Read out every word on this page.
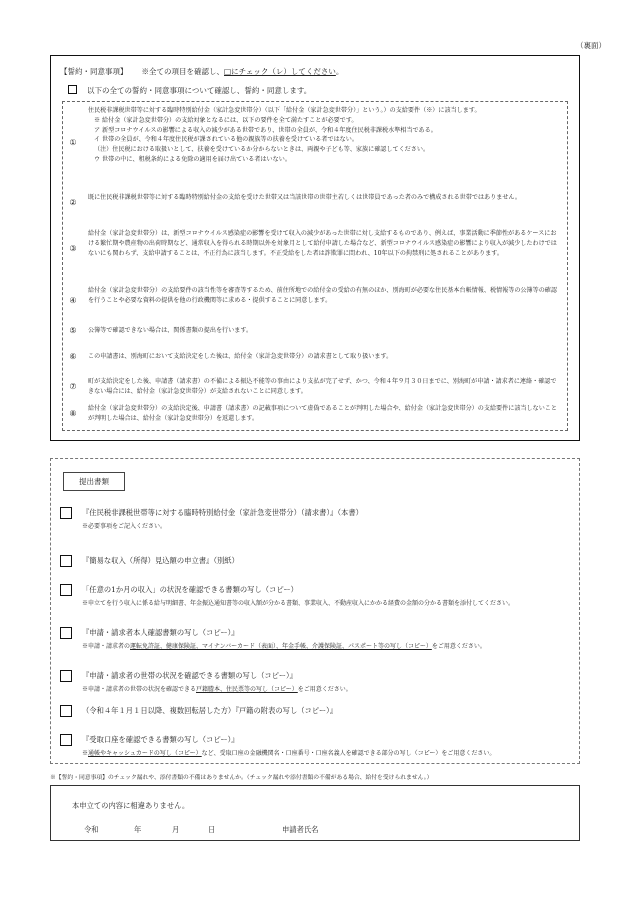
（裏面）
【誓約・同意事項】 ※全ての項目を確認し、□にチェック（レ）してください。
以下の全ての誓約・同意事項について確認し、誓約・同意します。
①

住民税非課税世帯等に対する臨時特別給付金（家計急変世帯分）（以下「給付金（家計急変世帯分）」という。）の支給要件（※）に該当します。

※ 給付金（家計急変世帯分）の支給対象となるには、以下の要件を全て満たすことが必要です。

ア 新型コロナウイルスの影響による収入の減少がある世帯であり、世帯の全員が、令和４年度住民税非課税水準相当である。

イ 世帯の全員が、令和４年度住民税が課されている他の親族等の扶養を受けている者ではない。

（注）住民税における取扱いとして、扶養を受けているか分からないときは、両親や子ども等、家族に確認してください。

ウ 世帯の中に、租税条約による免除の適用を届け出ている者はいない。

②
既に住民税非課税世帯等に対する臨時特別給付金の支給を受けた世帯又は当該世帯の世帯主若しくは世帯員であった者のみで構成される世帯ではありません。
③
給付金（家計急変世帯分）は、新型コロナウイルス感染症の影響を受けて収入の減少があった世帯に対し支給するものであり、例えば、事業活動に季節性があるケースにおける繁忙期や農産物の出荷時期など、通常収入を得られる時期以外を対象月として給付申請した場合など、新型コロナウイルス感染症の影響により収入が減少したわけではないにも関わらず、支給申請することは、不正行為に該当します。不正受給をした者は詐欺罪に問われ、10年以下の拘禁刑に処されることがあります。
④
給付金（家計急変世帯分）の支給要件の該当性等を審査等するため、前住所地での給付金の受給の有無のほか、別海町が必要な住民基本台帳情報、税情報等の公簿等の確認を行うことや必要な資料の提供を他の行政機関等に求める・提供することに同意します。
⑤	公簿等で確認できない場合は、関係書類の提出を行います。
⑥	この申請書は、別海町において支給決定をした後は、給付金（家計急変世帯分）の請求書として取り扱います。
⑦
町が支給決定をした後、申請書（請求書）の不備による振込不能等の事由により支払が完了せず、かつ、令和４年９月３０日までに、別海町が申請・請求者に連絡・確認できない場合には、給付金（家計急変世帯分）が支給されないことに同意します。
⑧
給付金（家計急変世帯分）の支給決定後、申請書（請求書）の記載事項について虚偽であることが判明した場合や、給付金（家計急変世帯分）の支給要件に該当しないことが判明した場合は、給付金（家計急変世帯分）を返還します。
提出書類
『住民税非課税世帯等に対する臨時特別給付金（家計急変世帯分）（請求書）』（本書）
※必要事項をご記入ください。
『簡易な収入（所得）見込額の申立書』（別紙）
「任意の1か月の収入」の状況を確認できる書類の写し（コピー）
※申立てを行う収入に係る給与明細書、年金振込通知書等の収入額が分かる書類、事業収入、不動産収入にかかる経費の金額の分かる書類を添付してください。
『申請・請求者本人確認書類の写し（コピー）』
※申請・請求者の運転免許証、健康保険証、マイナンバーカード（表面）、年金手帳、介護保険証、パスポート等の写し（コピー）をご用意ください。
『申請・請求者の世帯の状況を確認できる書類の写し（コピー）』
※申請・請求者の世帯の状況を確認できる戸籍謄本、住民票等の写し（コピー）をご用意ください。
（令和４年１月１日以降、複数回転居した方）『戸籍の附表の写し（コピー）』
『受取口座を確認できる書類の写し（コピー）』
※通帳やキャッシュカードの写し（コピー）など、受取口座の金融機関名・口座番号・口座名義人を確認できる部分の写し（コピー）をご用意ください。
※【誓約・同意事項】のチェック漏れや、添付書類の不備はありませんか。（チェック漏れや添付書類の不備がある場合、給付を受けられません。）
本申立ての内容に相違ありません。
令和	年	月	日	申請者氏名
